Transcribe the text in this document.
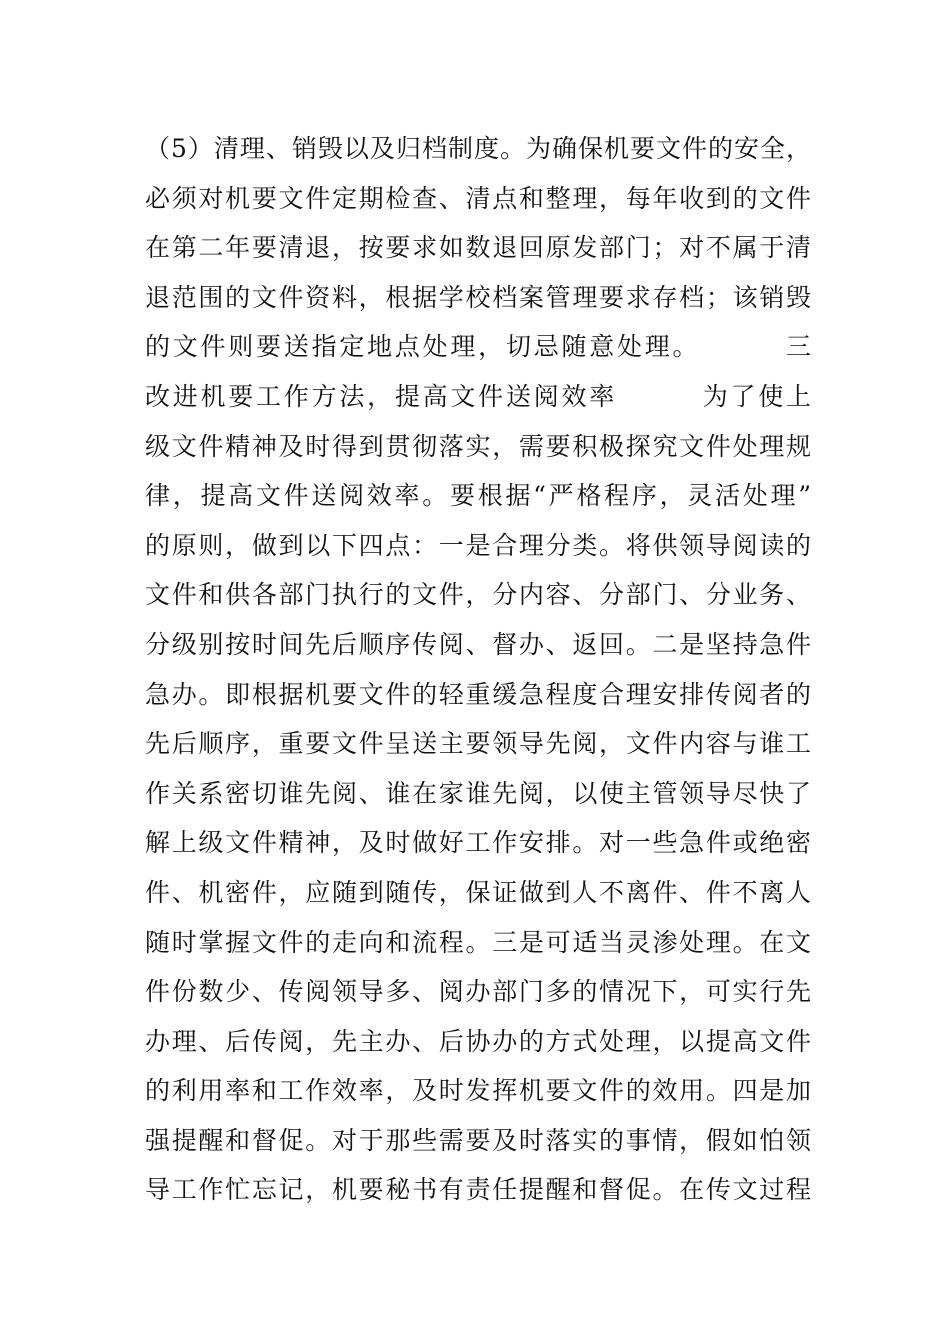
（5）清理、销毁以及归档制度。为确保机要文件的安全，
必须对机要文件定期检查、清点和整理，每年收到的文件
在第二年要清退，按要求如数退回原发部门；对不属于清
退范围的文件资料，根据学校档案管理要求存档；该销毁
的文件则要送指定地点处理，切忌随意处理。        三
改进机要工作方法，提高文件送阅效率        为了使上
级文件精神及时得到贯彻落实，需要积极探究文件处理规
律，提高文件送阅效率。要根据“严格程序，灵活处理”
的原则，做到以下四点：一是合理分类。将供领导阅读的
文件和供各部门执行的文件，分内容、分部门、分业务、
分级别按时间先后顺序传阅、督办、返回。二是坚持急件
急办。即根据机要文件的轻重缓急程度合理安排传阅者的
先后顺序，重要文件呈送主要领导先阅，文件内容与谁工
作关系密切谁先阅、谁在家谁先阅，以使主管领导尽快了
解上级文件精神，及时做好工作安排。对一些急件或绝密
件、机密件，应随到随传，保证做到人不离件、件不离人
随时掌握文件的走向和流程。三是可适当灵渗处理。在文
件份数少、传阅领导多、阅办部门多的情况下，可实行先
办理、后传阅，先主办、后协办的方式处理，以提高文件
的利用率和工作效率，及时发挥机要文件的效用。四是加
强提醒和督促。对于那些需要及时落实的事情，假如怕领
导工作忙忘记，机要秘书有责任提醒和督促。在传文过程
